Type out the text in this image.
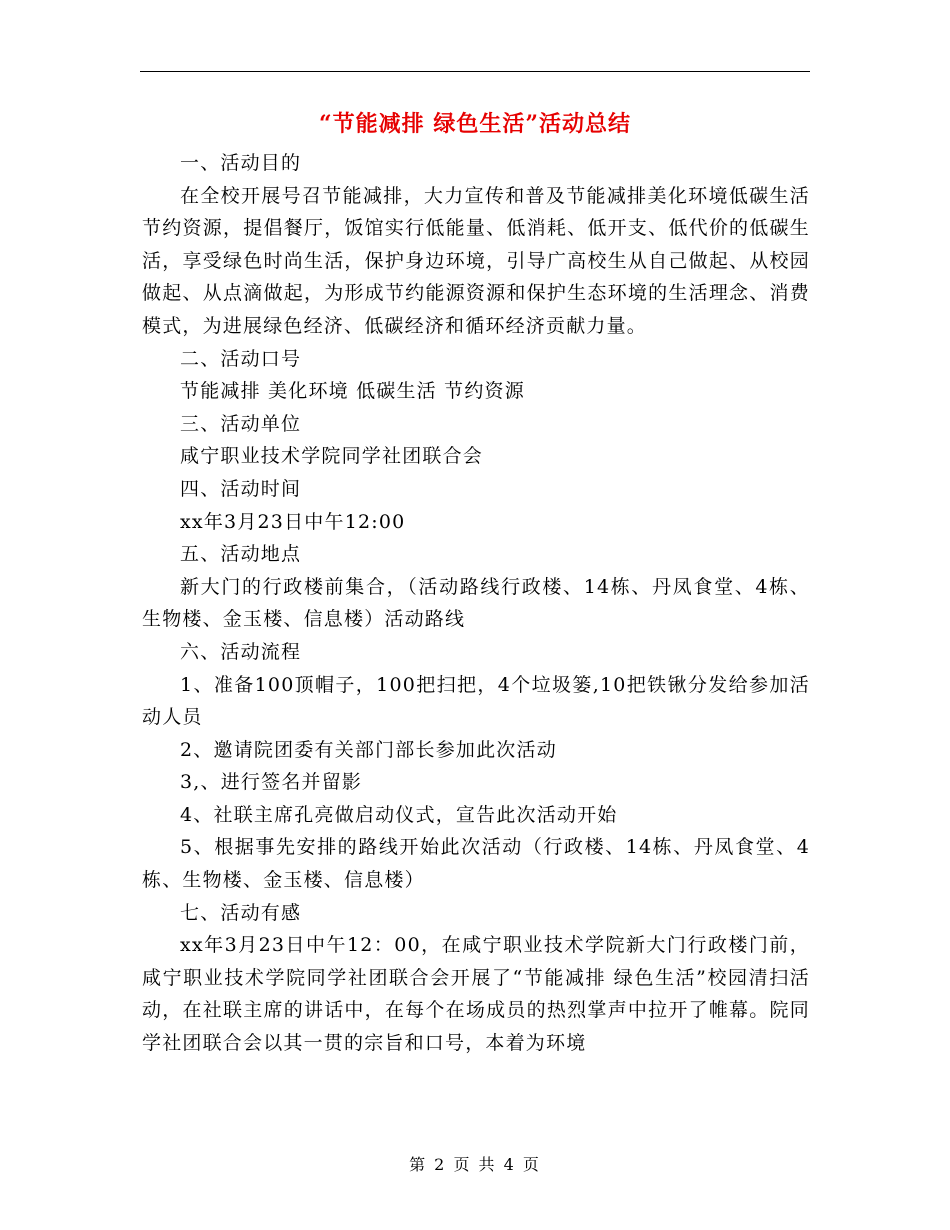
“节能减排 绿色生活”活动总结

一、活动目的

在全校开展号召节能减排，大力宣传和普及节能减排美化环境低碳生活节约资源，提倡餐厅，饭馆实行低能量、低消耗、低开支、低代价的低碳生活，享受绿色时尚生活，保护身边环境，引导广高校生从自己做起、从校园做起、从点滴做起，为形成节约能源资源和保护生态环境的生活理念、消费模式，为进展绿色经济、低碳经济和循环经济贡献力量。

二、活动口号

节能减排 美化环境 低碳生活 节约资源

三、活动单位

咸宁职业技术学院同学社团联合会

四、活动时间

xx年3月23日中午12:00

五、活动地点

新大门的行政楼前集合，（活动路线行政楼、14栋、丹凤食堂、4栋、生物楼、金玉楼、信息楼）活动路线

六、活动流程

1、准备100顶帽子，100把扫把，4个垃圾篓,10把铁锹分发给参加活动人员

2、邀请院团委有关部门部长参加此次活动

3,、进行签名并留影

4、社联主席孔亮做启动仪式，宣告此次活动开始

5、根据事先安排的路线开始此次活动（行政楼、14栋、丹凤食堂、4栋、生物楼、金玉楼、信息楼）

七、活动有感

xx年3月23日中午12：00，在咸宁职业技术学院新大门行政楼门前，咸宁职业技术学院同学社团联合会开展了“节能减排 绿色生活”校园清扫活动，在社联主席的讲话中，在每个在场成员的热烈掌声中拉开了帷幕。院同学社团联合会以其一贯的宗旨和口号，本着为环境

第 2 页 共 4 页
